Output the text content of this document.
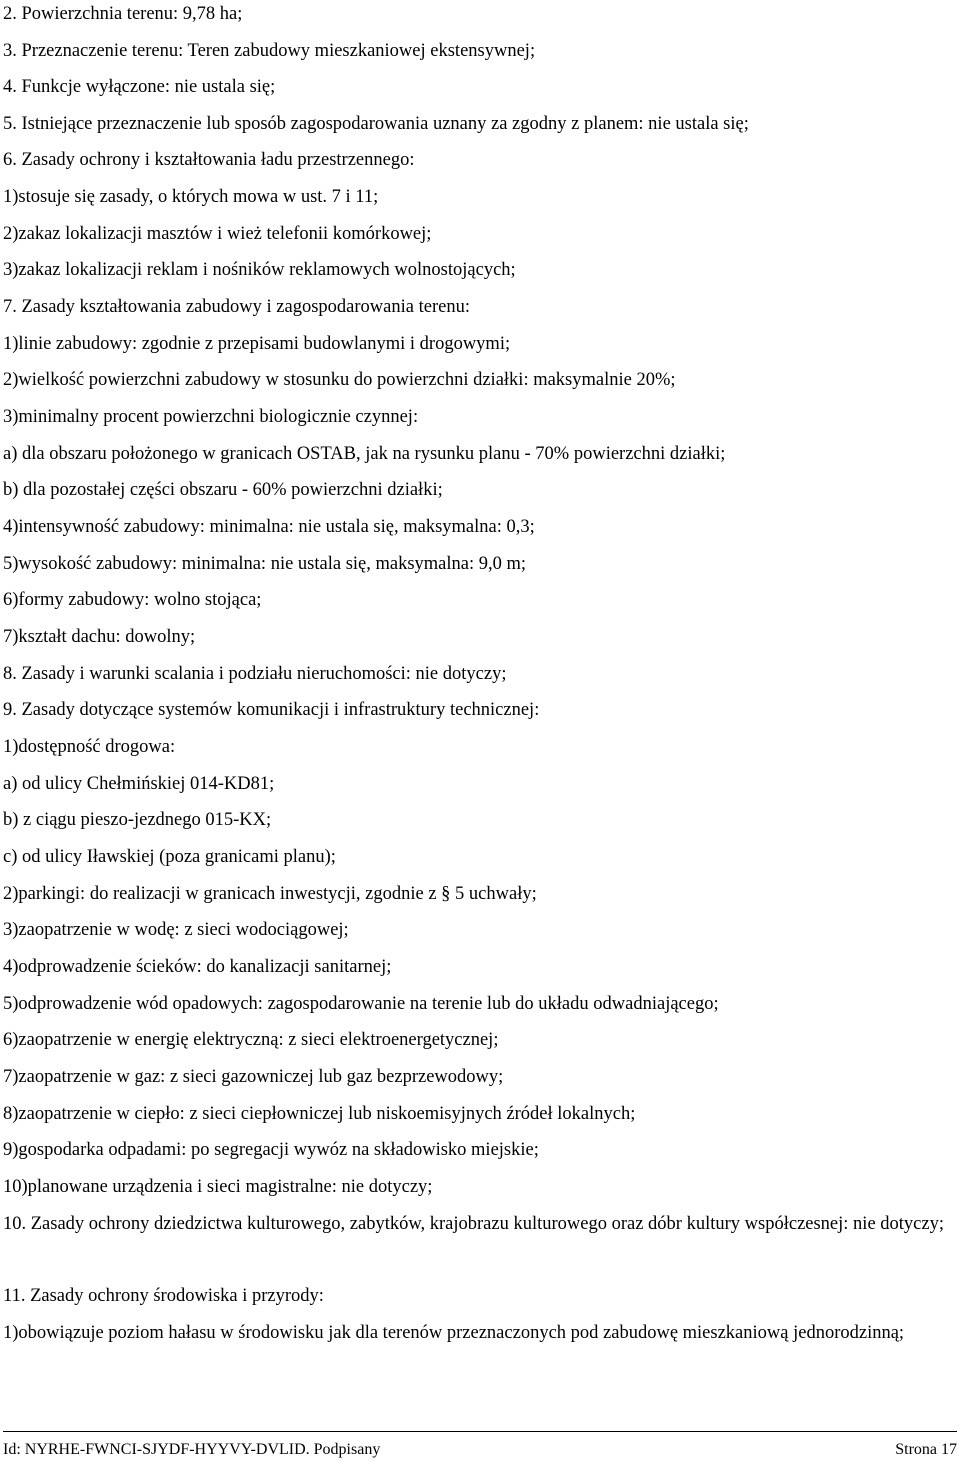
2. Powierzchnia terenu: 9,78 ha;
3. Przeznaczenie terenu: Teren zabudowy mieszkaniowej ekstensywnej;
4. Funkcje wyłączone: nie ustala się;
5. Istniejące przeznaczenie lub sposób zagospodarowania uznany za zgodny z planem: nie ustala się;
6. Zasady ochrony i kształtowania ładu przestrzennego:
1)stosuje się zasady, o których mowa w ust. 7 i 11;
2)zakaz lokalizacji masztów i wież telefonii komórkowej;
3)zakaz lokalizacji reklam i nośników reklamowych wolnostojących;
7. Zasady kształtowania zabudowy i zagospodarowania terenu:
1)linie zabudowy: zgodnie z przepisami budowlanymi i drogowymi;
2)wielkość powierzchni zabudowy w stosunku do powierzchni działki: maksymalnie 20%;
3)minimalny procent powierzchni biologicznie czynnej:
a) dla obszaru położonego w granicach OSTAB, jak na rysunku planu - 70% powierzchni działki;
b) dla pozostałej części obszaru - 60% powierzchni działki;
4)intensywność zabudowy: minimalna: nie ustala się, maksymalna: 0,3;
5)wysokość zabudowy: minimalna: nie ustala się, maksymalna: 9,0 m;
6)formy zabudowy: wolno stojąca;
7)kształt dachu: dowolny;
8. Zasady i warunki scalania i podziału nieruchomości: nie dotyczy;
9. Zasady dotyczące systemów komunikacji i infrastruktury technicznej:
1)dostępność drogowa:
a) od ulicy Chełmińskiej 014-KD81;
b) z ciągu pieszo-jezdnego 015-KX;
c) od ulicy Iławskiej (poza granicami planu);
2)parkingi: do realizacji w granicach inwestycji, zgodnie z § 5 uchwały;
3)zaopatrzenie w wodę: z sieci wodociągowej;
4)odprowadzenie ścieków: do kanalizacji sanitarnej;
5)odprowadzenie wód opadowych: zagospodarowanie na terenie lub do układu odwadniającego;
6)zaopatrzenie w energię elektryczną: z sieci elektroenergetycznej;
7)zaopatrzenie w gaz: z sieci gazowniczej lub gaz bezprzewodowy;
8)zaopatrzenie w ciepło: z sieci ciepłowniczej lub niskoemisyjnych źródeł lokalnych;
9)gospodarka odpadami: po segregacji wywóz na składowisko miejskie;
10)planowane urządzenia i sieci magistralne: nie dotyczy;
10. Zasady ochrony dziedzictwa kulturowego, zabytków, krajobrazu kulturowego oraz dóbr kultury współczesnej: nie dotyczy;
11. Zasady ochrony środowiska i przyrody:
1)obowiązuje poziom hałasu w środowisku jak dla terenów przeznaczonych pod zabudowę mieszkaniową jednorodzinną;
Id: NYRHE-FWNCI-SJYDF-HYYVY-DVLID. Podpisany	Strona 17
